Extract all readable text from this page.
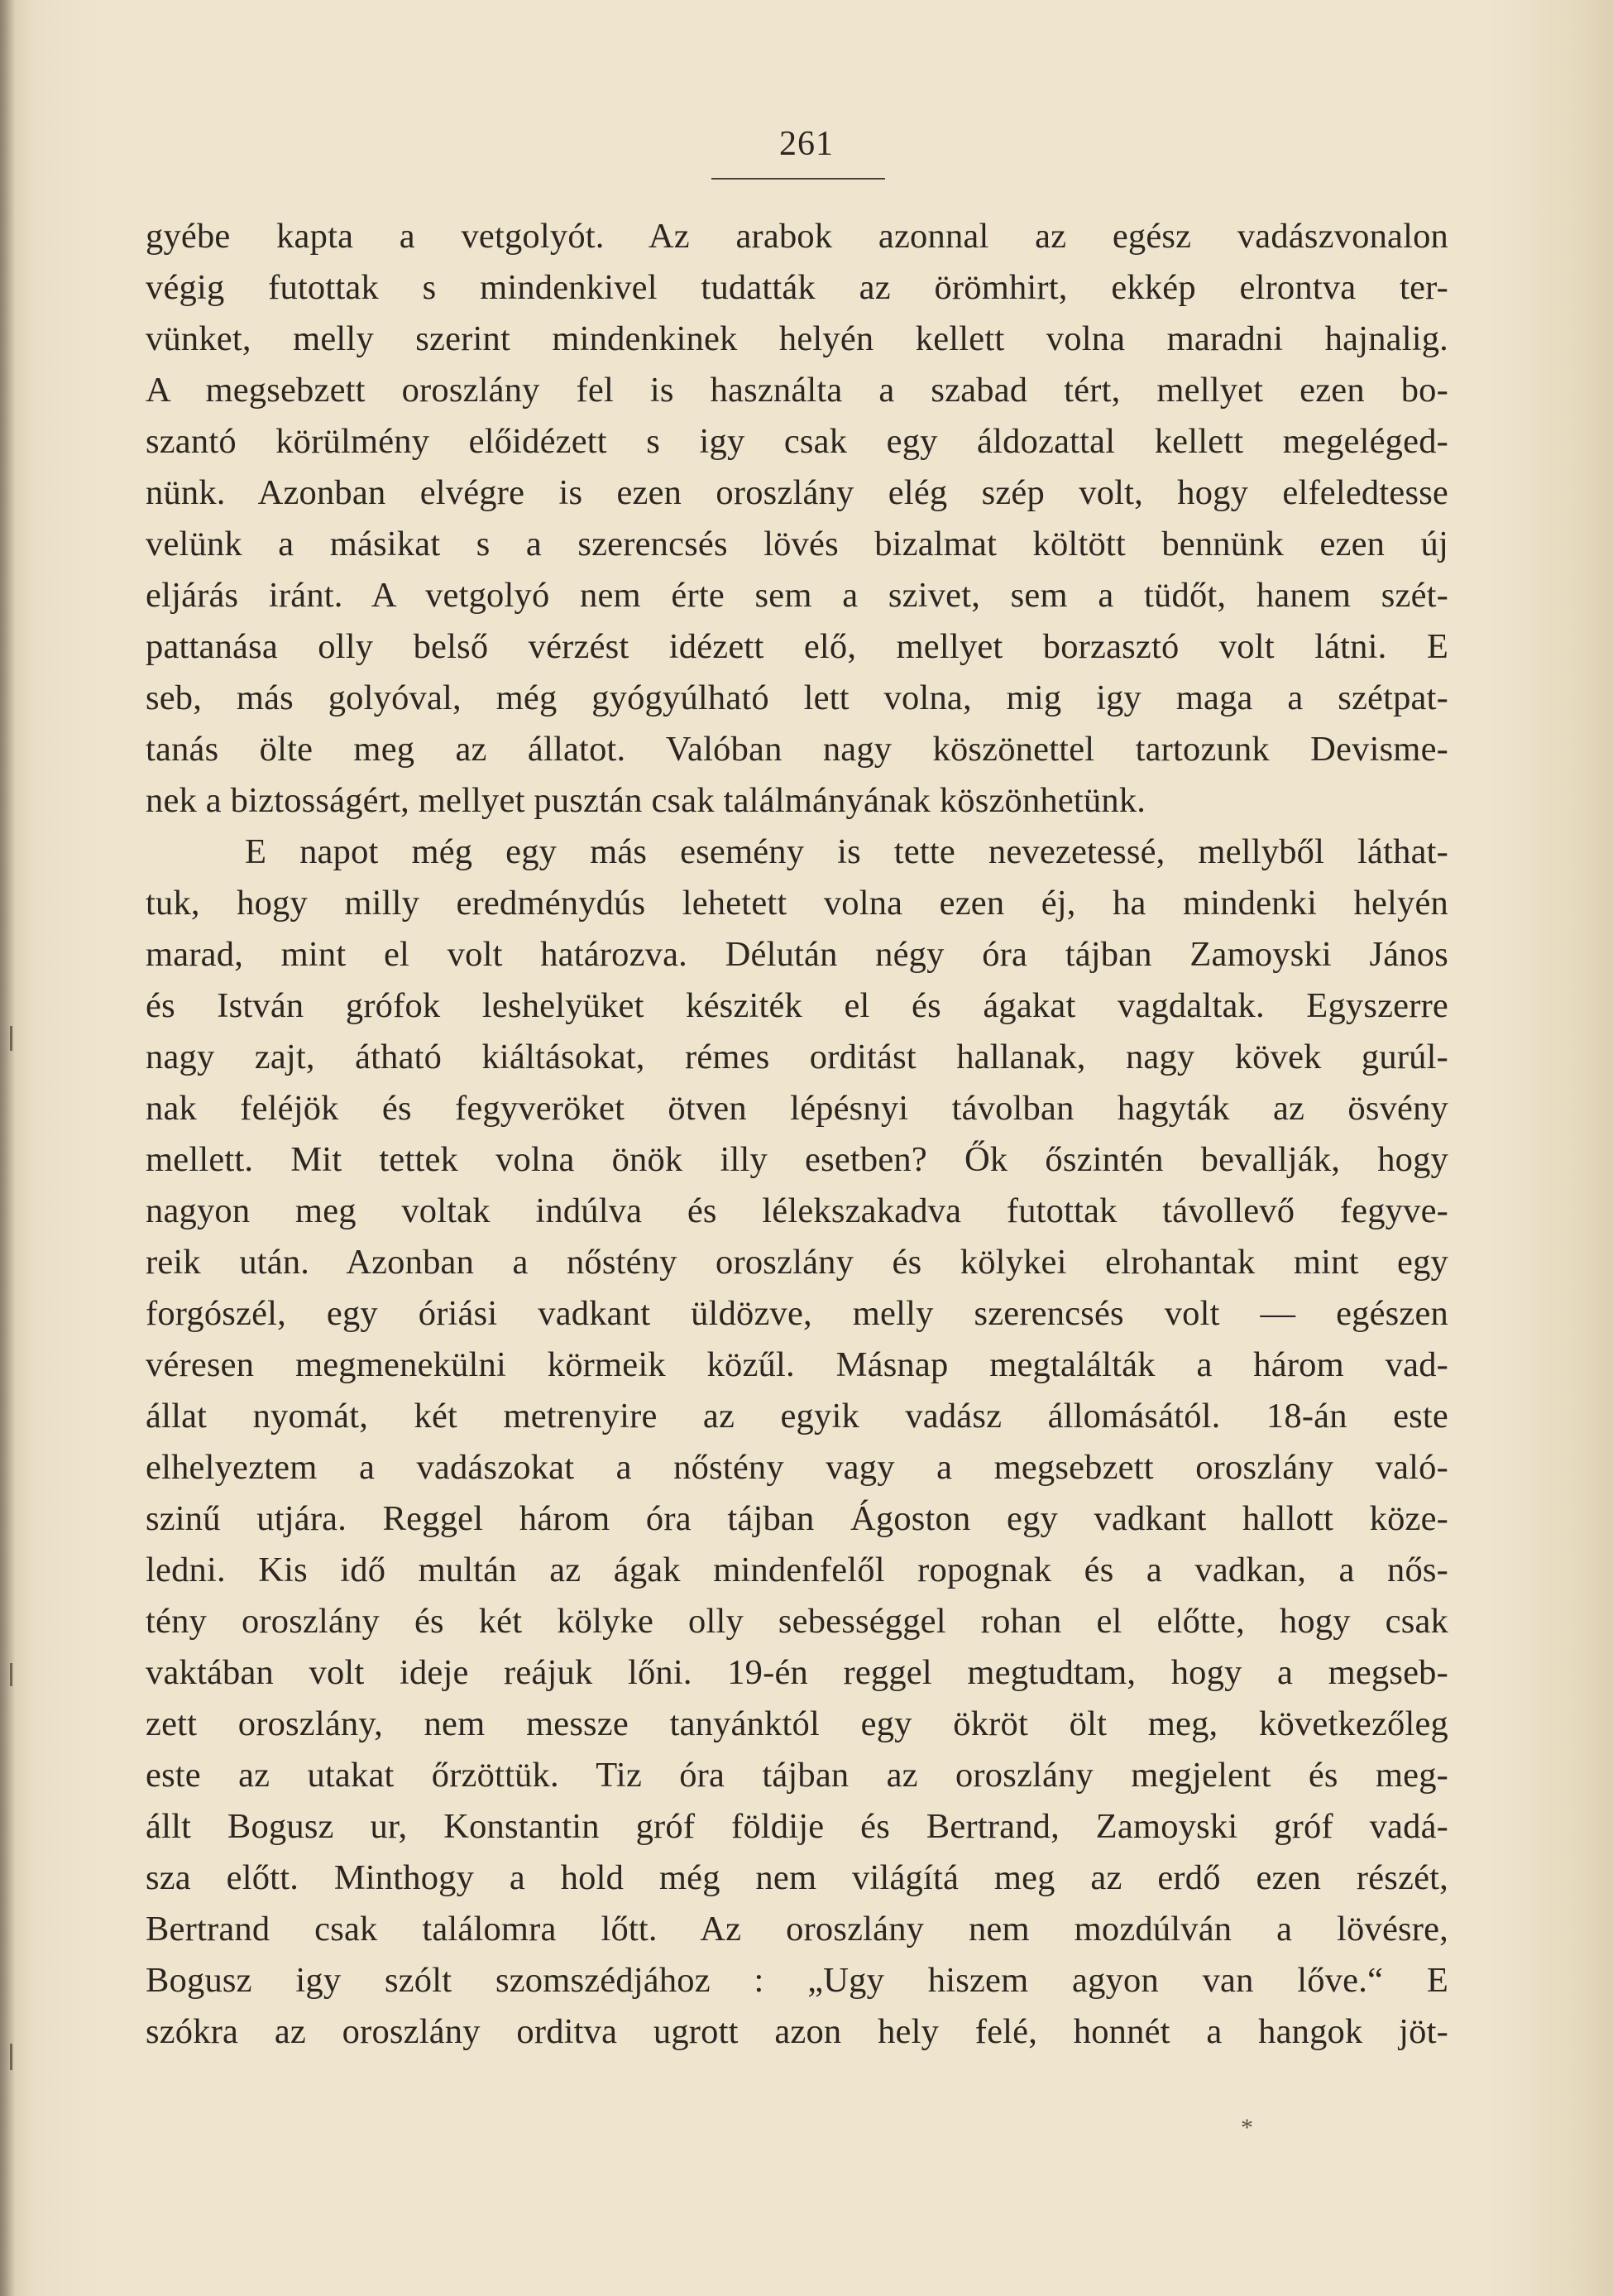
261
gyébe kapta a vetgolyót. Az arabok azonnal az egész vadászvonalon
végig futottak s mindenkivel tudatták az örömhirt, ekkép elrontva ter-
vünket, melly szerint mindenkinek helyén kellett volna maradni hajnalig.
A megsebzett oroszlány fel is használta a szabad tért, mellyet ezen bo-
szantó körülmény előidézett s igy csak egy áldozattal kellett megeléged-
nünk. Azonban elvégre is ezen oroszlány elég szép volt, hogy elfeledtesse
velünk a másikat s a szerencsés lövés bizalmat költött bennünk ezen új
eljárás iránt. A vetgolyó nem érte sem a szivet, sem a tüdőt, hanem szét-
pattanása olly belső vérzést idézett elő, mellyet borzasztó volt látni. E
seb, más golyóval, még gyógyúlható lett volna, mig igy maga a szétpat-
tanás ölte meg az állatot. Valóban nagy köszönettel tartozunk Devisme-
nek a biztosságért, mellyet pusztán csak találmányának köszönhetünk.
E napot még egy más esemény is tette nevezetessé, mellyből láthat-
tuk, hogy milly eredménydús lehetett volna ezen éj, ha mindenki helyén
marad, mint el volt határozva. Délután négy óra tájban Zamoyski János
és István grófok leshelyüket késziték el és ágakat vagdaltak. Egyszerre
nagy zajt, átható kiáltásokat, rémes orditást hallanak, nagy kövek gurúl-
nak feléjök és fegyveröket ötven lépésnyi távolban hagyták az ösvény
mellett. Mit tettek volna önök illy esetben? Ők őszintén bevallják, hogy
nagyon meg voltak indúlva és lélekszakadva futottak távollevő fegyve-
reik után. Azonban a nőstény oroszlány és kölykei elrohantak mint egy
forgószél, egy óriási vadkant üldözve, melly szerencsés volt — egészen
véresen megmenekülni körmeik közűl. Másnap megtalálták a három vad-
állat nyomát, két metrenyire az egyik vadász állomásától. 18-án este
elhelyeztem a vadászokat a nőstény vagy a megsebzett oroszlány való-
szinű utjára. Reggel három óra tájban Ágoston egy vadkant hallott köze-
ledni. Kis idő multán az ágak mindenfelől ropognak és a vadkan, a nős-
tény oroszlány és két kölyke olly sebességgel rohan el előtte, hogy csak
vaktában volt ideje reájuk lőni. 19-én reggel megtudtam, hogy a megseb-
zett oroszlány, nem messze tanyánktól egy ökröt ölt meg, következőleg
este az utakat őrzöttük. Tiz óra tájban az oroszlány megjelent és meg-
állt Bogusz ur, Konstantin gróf földije és Bertrand, Zamoyski gróf vadá-
sza előtt. Minthogy a hold még nem világítá meg az erdő ezen részét,
Bertrand csak találomra lőtt. Az oroszlány nem mozdúlván a lövésre,
Bogusz igy szólt szomszédjához : „Ugy hiszem agyon van lőve.“ E
szókra az oroszlány orditva ugrott azon hely felé, honnét a hangok jöt-
*
